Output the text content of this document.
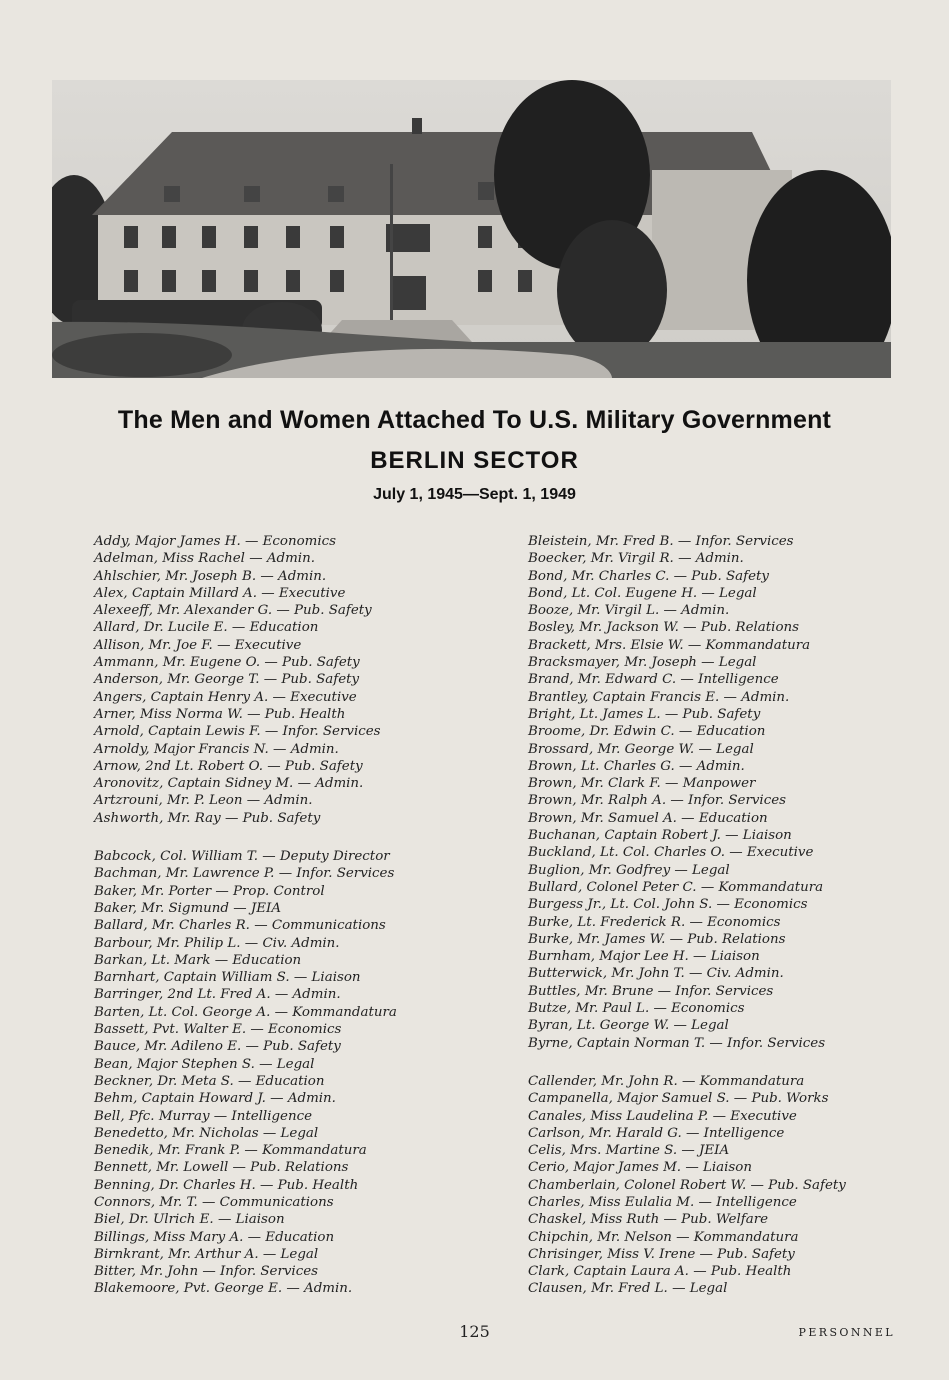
The Men and Women Attached To U.S. Military Government
BERLIN SECTOR
July 1, 1945—Sept. 1, 1949
Addy, Major James H. — Economics
Adelman, Miss Rachel — Admin.
Ahlschier, Mr. Joseph B. — Admin.
Alex, Captain Millard A. — Executive
Alexeeff, Mr. Alexander G. — Pub. Safety
Allard, Dr. Lucile E. — Education
Allison, Mr. Joe F. — Executive
Ammann, Mr. Eugene O. — Pub. Safety
Anderson, Mr. George T. — Pub. Safety
Angers, Captain Henry A. — Executive
Arner, Miss Norma W. — Pub. Health
Arnold, Captain Lewis F. — Infor. Services
Arnoldy, Major Francis N. — Admin.
Arnow, 2nd Lt. Robert O. — Pub. Safety
Aronovitz, Captain Sidney M. — Admin.
Artzrouni, Mr. P. Leon — Admin.
Ashworth, Mr. Ray — Pub. Safety
Babcock, Col. William T. — Deputy Director
Bachman, Mr. Lawrence P. — Infor. Services
Baker, Mr. Porter — Prop. Control
Baker, Mr. Sigmund — JEIA
Ballard, Mr. Charles R. — Communications
Barbour, Mr. Philip L. — Civ. Admin.
Barkan, Lt. Mark — Education
Barnhart, Captain William S. — Liaison
Barringer, 2nd Lt. Fred A. — Admin.
Barten, Lt. Col. George A. — Kommandatura
Bassett, Pvt. Walter E. — Economics
Bauce, Mr. Adileno E. — Pub. Safety
Bean, Major Stephen S. — Legal
Beckner, Dr. Meta S. — Education
Behm, Captain Howard J. — Admin.
Bell, Pfc. Murray — Intelligence
Benedetto, Mr. Nicholas — Legal
Benedik, Mr. Frank P. — Kommandatura
Bennett, Mr. Lowell — Pub. Relations
Benning, Dr. Charles H. — Pub. Health
Connors, Mr. T. — Communications
Biel, Dr. Ulrich E. — Liaison
Billings, Miss Mary A. — Education
Birnkrant, Mr. Arthur A. — Legal
Bitter, Mr. John — Infor. Services
Blakemoore, Pvt. George E. — Admin.
Bleistein, Mr. Fred B. — Infor. Services
Boecker, Mr. Virgil R. — Admin.
Bond, Mr. Charles C. — Pub. Safety
Bond, Lt. Col. Eugene H. — Legal
Booze, Mr. Virgil L. — Admin.
Bosley, Mr. Jackson W. — Pub. Relations
Brackett, Mrs. Elsie W. — Kommandatura
Bracksmayer, Mr. Joseph — Legal
Brand, Mr. Edward C. — Intelligence
Brantley, Captain Francis E. — Admin.
Bright, Lt. James L. — Pub. Safety
Broome, Dr. Edwin C. — Education
Brossard, Mr. George W. — Legal
Brown, Lt. Charles G. — Admin.
Brown, Mr. Clark F. — Manpower
Brown, Mr. Ralph A. — Infor. Services
Brown, Mr. Samuel A. — Education
Buchanan, Captain Robert J. — Liaison
Buckland, Lt. Col. Charles O. — Executive
Buglion, Mr. Godfrey — Legal
Bullard, Colonel Peter C. — Kommandatura
Burgess Jr., Lt. Col. John S. — Economics
Burke, Lt. Frederick R. — Economics
Burke, Mr. James W. — Pub. Relations
Burnham, Major Lee H. — Liaison
Butterwick, Mr. John T. — Civ. Admin.
Buttles, Mr. Brune — Infor. Services
Butze, Mr. Paul L. — Economics
Byran, Lt. George W. — Legal
Byrne, Captain Norman T. — Infor. Services
Callender, Mr. John R. — Kommandatura
Campanella, Major Samuel S. — Pub. Works
Canales, Miss Laudelina P. — Executive
Carlson, Mr. Harald G. — Intelligence
Celis, Mrs. Martine S. — JEIA
Cerio, Major James M. — Liaison
Chamberlain, Colonel Robert W. — Pub. Safety
Charles, Miss Eulalia M. — Intelligence
Chaskel, Miss Ruth — Pub. Welfare
Chipchin, Mr. Nelson — Kommandatura
Chrisinger, Miss V. Irene — Pub. Safety
Clark, Captain Laura A. — Pub. Health
Clausen, Mr. Fred L. — Legal
125	PERSONNEL
